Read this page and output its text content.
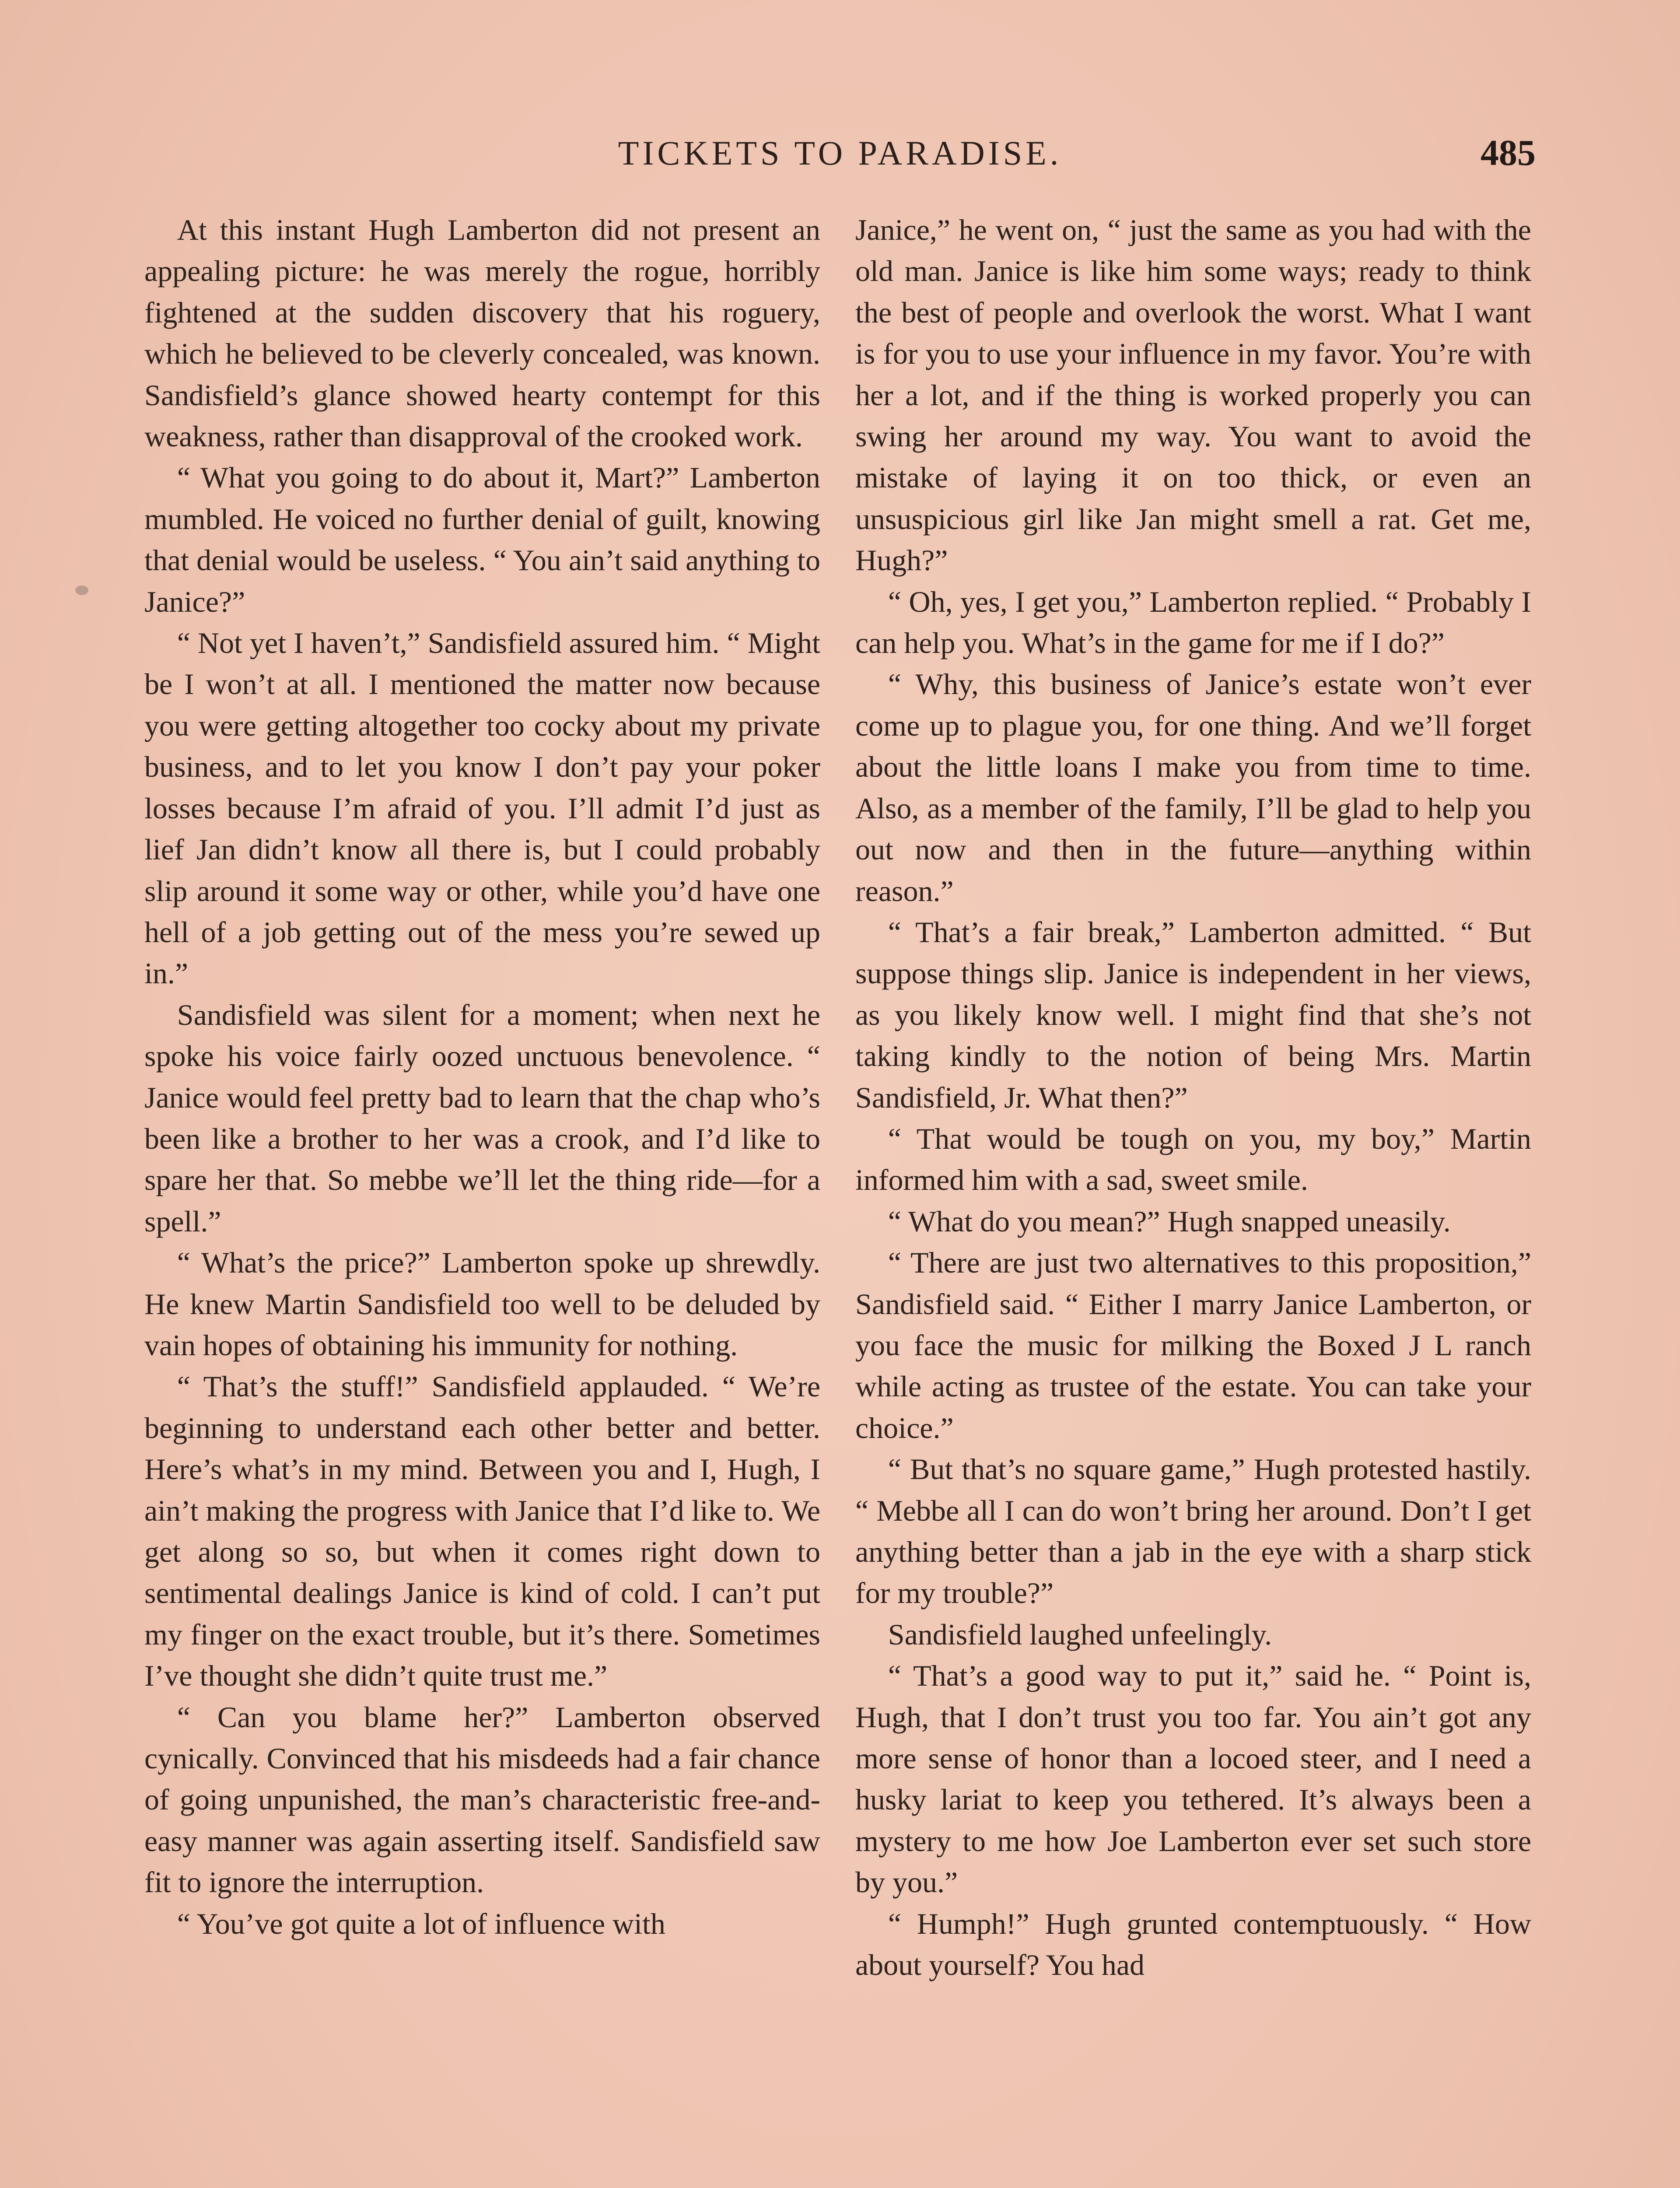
TICKETS TO PARADISE.	485

At this instant Hugh Lamberton did not present an appealing picture: he was merely the rogue, horribly fightened at the sudden discovery that his roguery, which he believed to be cleverly concealed, was known. Sandisfield’s glance showed hearty contempt for this weakness, rather than disapproval of the crooked work.

“ What you going to do about it, Mart?” Lamberton mumbled. He voiced no further denial of guilt, knowing that denial would be useless. “ You ain’t said anything to Janice?”

“ Not yet I haven’t,” Sandisfield assured him. “ Might be I won’t at all. I mentioned the matter now because you were getting altogether too cocky about my private business, and to let you know I don’t pay your poker losses because I’m afraid of you. I’ll admit I’d just as lief Jan didn’t know all there is, but I could probably slip around it some way or other, while you’d have one hell of a job getting out of the mess you’re sewed up in.”

Sandisfield was silent for a moment; when next he spoke his voice fairly oozed unctuous benevolence. “ Janice would feel pretty bad to learn that the chap who’s been like a brother to her was a crook, and I’d like to spare her that. So mebbe we’ll let the thing ride—for a spell.”

“ What’s the price?” Lamberton spoke up shrewdly. He knew Martin Sandisfield too well to be deluded by vain hopes of obtaining his immunity for nothing.

“ That’s the stuff!” Sandisfield applauded. “ We’re beginning to understand each other better and better. Here’s what’s in my mind. Between you and I, Hugh, I ain’t making the progress with Janice that I’d like to. We get along so so, but when it comes right down to sentimental dealings Janice is kind of cold. I can’t put my finger on the exact trouble, but it’s there. Sometimes I’ve thought she didn’t quite trust me.”

“ Can you blame her?” Lamberton observed cynically. Convinced that his misdeeds had a fair chance of going unpunished, the man’s characteristic free-and-easy manner was again asserting itself. Sandisfield saw fit to ignore the interruption.

“ You’ve got quite a lot of influence with

Janice,” he went on, “ just the same as you had with the old man. Janice is like him some ways; ready to think the best of people and overlook the worst. What I want is for you to use your influence in my favor. You’re with her a lot, and if the thing is worked properly you can swing her around my way. You want to avoid the mistake of laying it on too thick, or even an unsuspicious girl like Jan might smell a rat. Get me, Hugh?”

“ Oh, yes, I get you,” Lamberton replied. “ Probably I can help you. What’s in the game for me if I do?”

“ Why, this business of Janice’s estate won’t ever come up to plague you, for one thing. And we’ll forget about the little loans I make you from time to time. Also, as a member of the family, I’ll be glad to help you out now and then in the future—anything within reason.”

“ That’s a fair break,” Lamberton admitted. “ But suppose things slip. Janice is independent in her views, as you likely know well. I might find that she’s not taking kindly to the notion of being Mrs. Martin Sandisfield, Jr. What then?”

“ That would be tough on you, my boy,” Martin informed him with a sad, sweet smile.

“ What do you mean?” Hugh snapped uneasily.

“ There are just two alternatives to this proposition,” Sandisfield said. “ Either I marry Janice Lamberton, or you face the music for milking the Boxed J L ranch while acting as trustee of the estate. You can take your choice.”

“ But that’s no square game,” Hugh protested hastily. “ Mebbe all I can do won’t bring her around. Don’t I get anything better than a jab in the eye with a sharp stick for my trouble?”

Sandisfield laughed unfeelingly.

“ That’s a good way to put it,” said he. “ Point is, Hugh, that I don’t trust you too far. You ain’t got any more sense of honor than a locoed steer, and I need a husky lariat to keep you tethered. It’s always been a mystery to me how Joe Lamberton ever set such store by you.”

“ Humph!” Hugh grunted contemptuously. “ How about yourself? You had
